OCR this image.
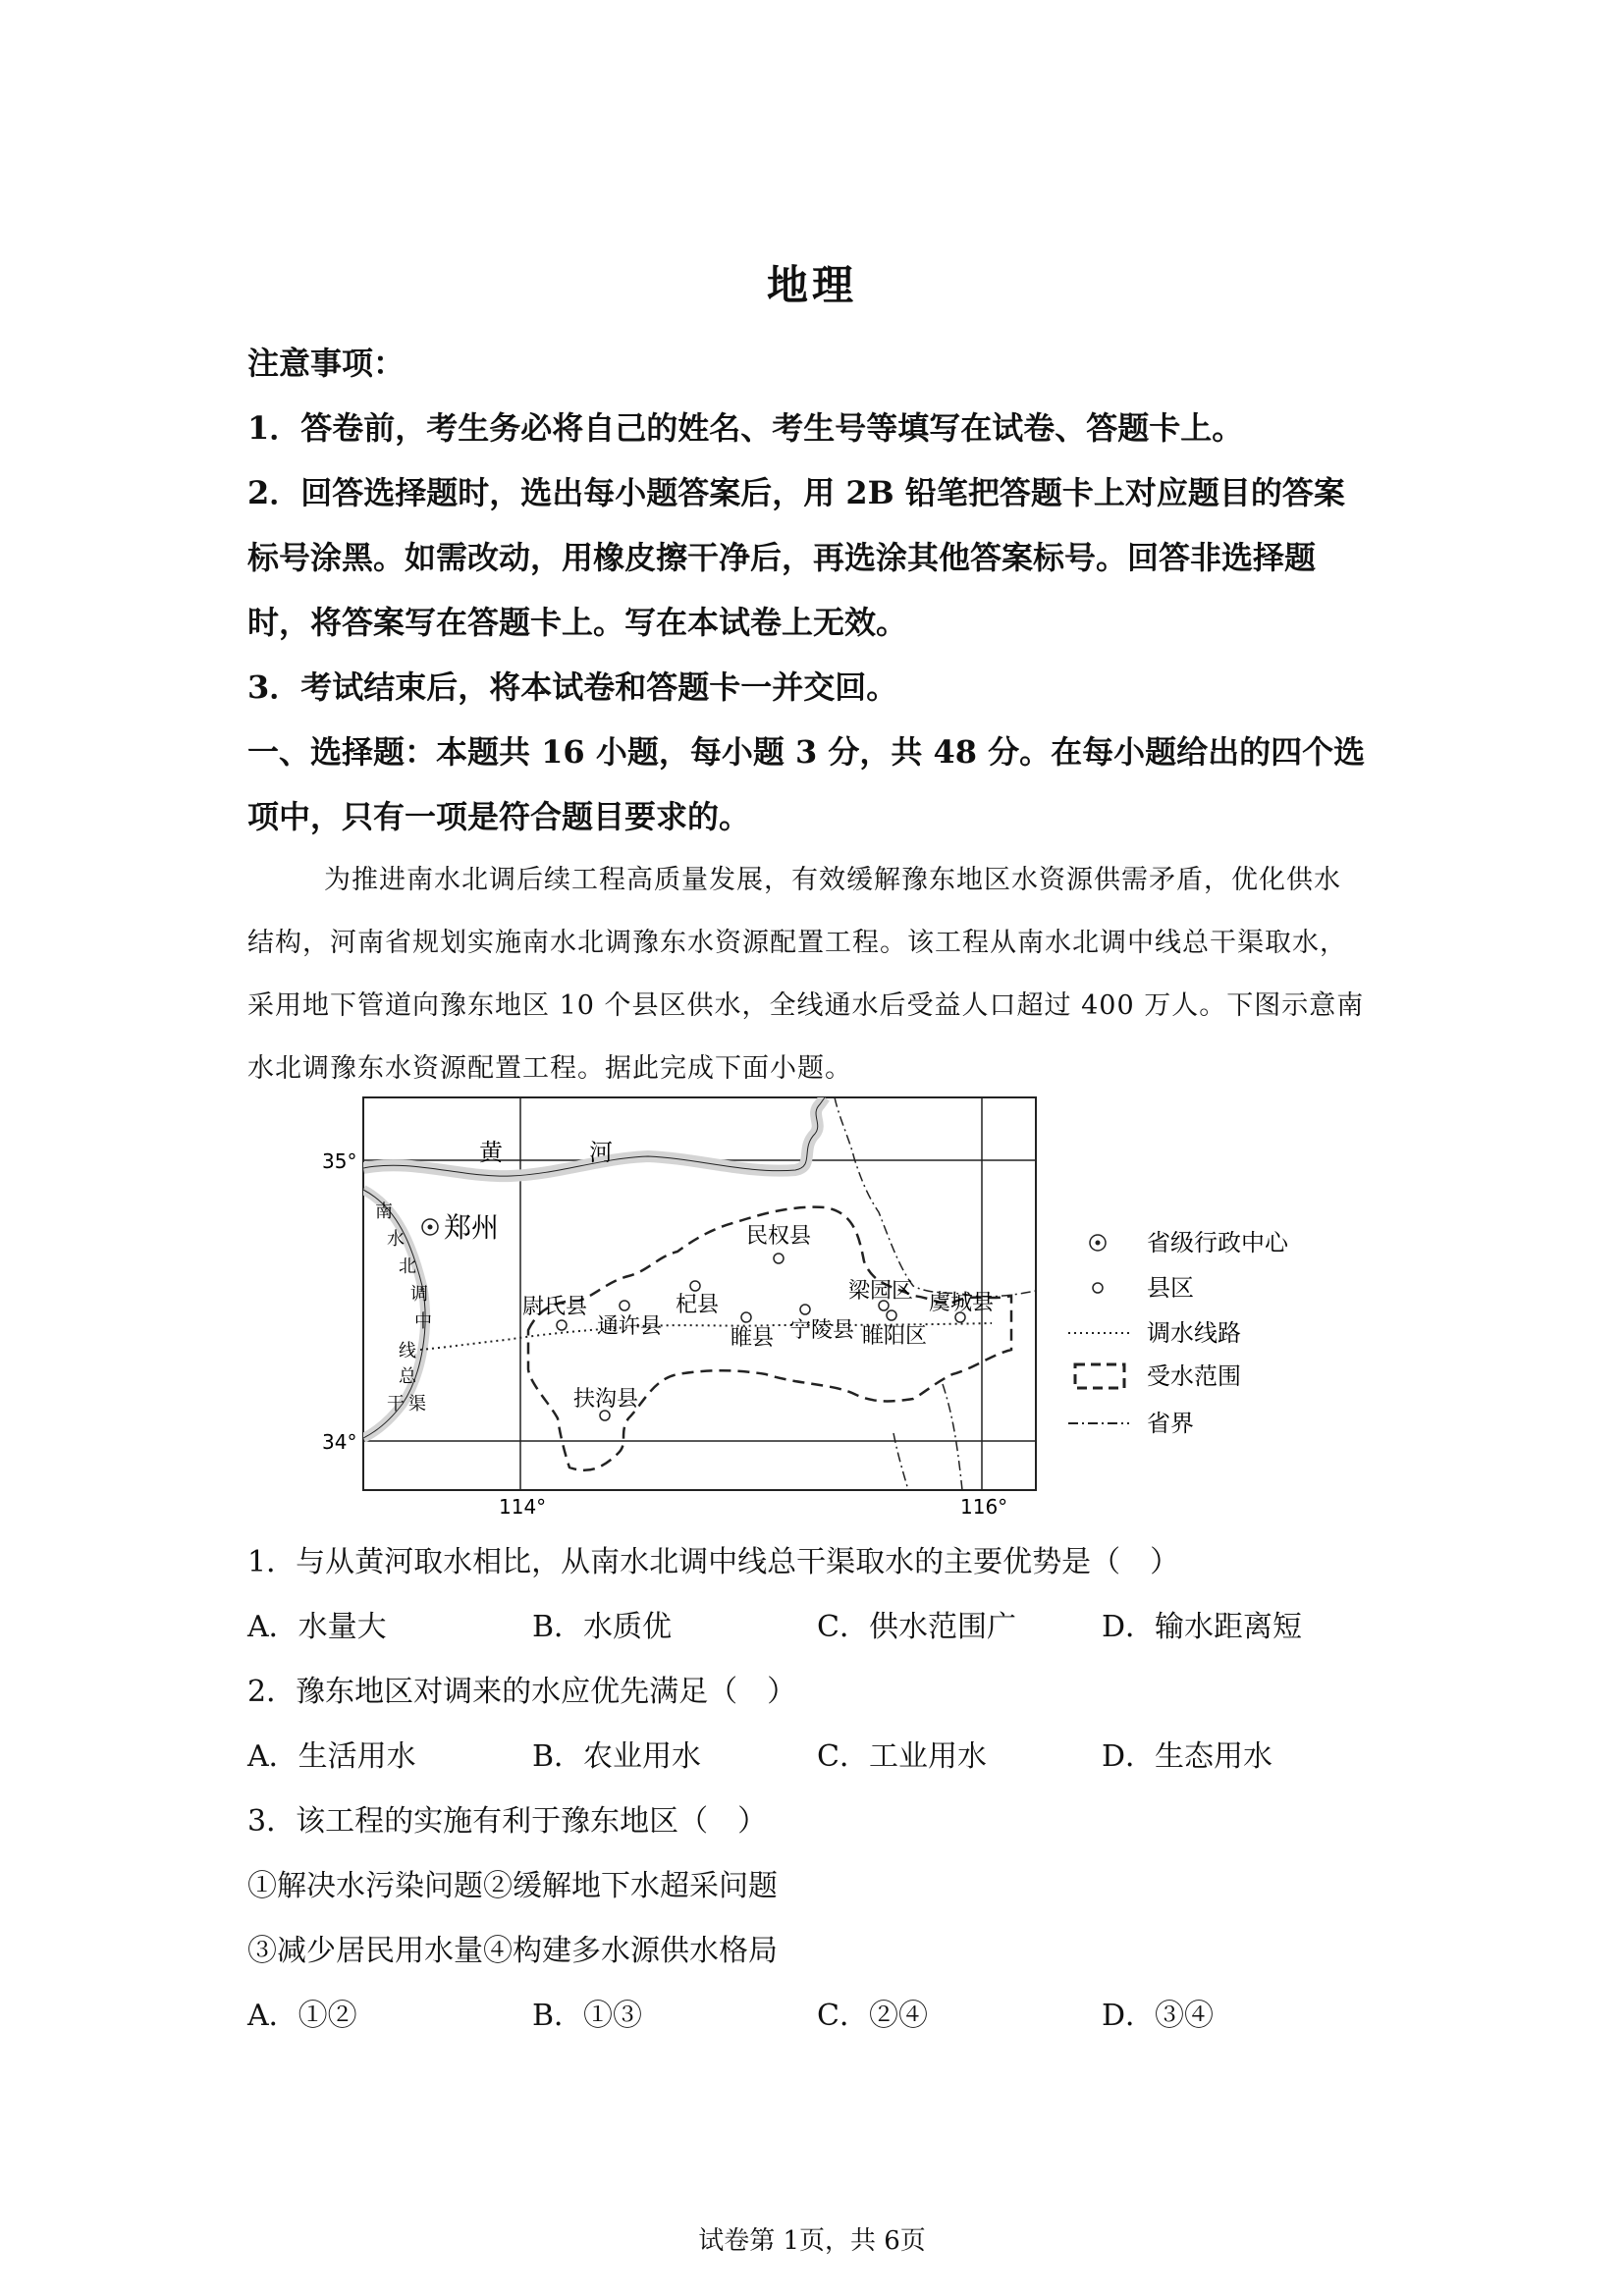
地理
注意事项：
1．答卷前，考生务必将自己的姓名、考生号等填写在试卷、答题卡上。
2．回答选择题时，选出每小题答案后，用 2B 铅笔把答题卡上对应题目的答案
标号涂黑。如需改动，用橡皮擦干净后，再选涂其他答案标号。回答非选择题
时，将答案写在答题卡上。写在本试卷上无效。
3．考试结束后，将本试卷和答题卡一并交回。
一、选择题：本题共 16 小题，每小题 3 分，共 48 分。在每小题给出的四个选
项中，只有一项是符合题目要求的。
为推进南水北调后续工程高质量发展，有效缓解豫东地区水资源供需矛盾，优化供水
结构，河南省规划实施南水北调豫东水资源配置工程。该工程从南水北调中线总干渠取水，
采用地下管道向豫东地区 10 个县区供水，全线通水后受益人口超过 400 万人。下图示意南
水北调豫东水资源配置工程。据此完成下面小题。
35°
34°
114°	116°
黄	河
南
水
北
调
中
线
总
干 渠
郑州	民权县
尉氏县
通许县
杞县
梁园区 虞城县
睢县 宁陵县 睢阳区
扶沟县
省级行政中心
县区
调水线路
受水范围
省界
1．与从黄河取水相比，从南水北调中线总干渠取水的主要优势是（　）
A．水量大	B．水质优	C．供水范围广	D．输水距离短
2．豫东地区对调来的水应优先满足（　）
A．生活用水	B．农业用水	C．工业用水	D．生态用水
3．该工程的实施有利于豫东地区（　）
①解决水污染问题②缓解地下水超采问题
③减少居民用水量④构建多水源供水格局
A．①②	B．①③	C．②④	D．③④
试卷第 1页，共 6页
